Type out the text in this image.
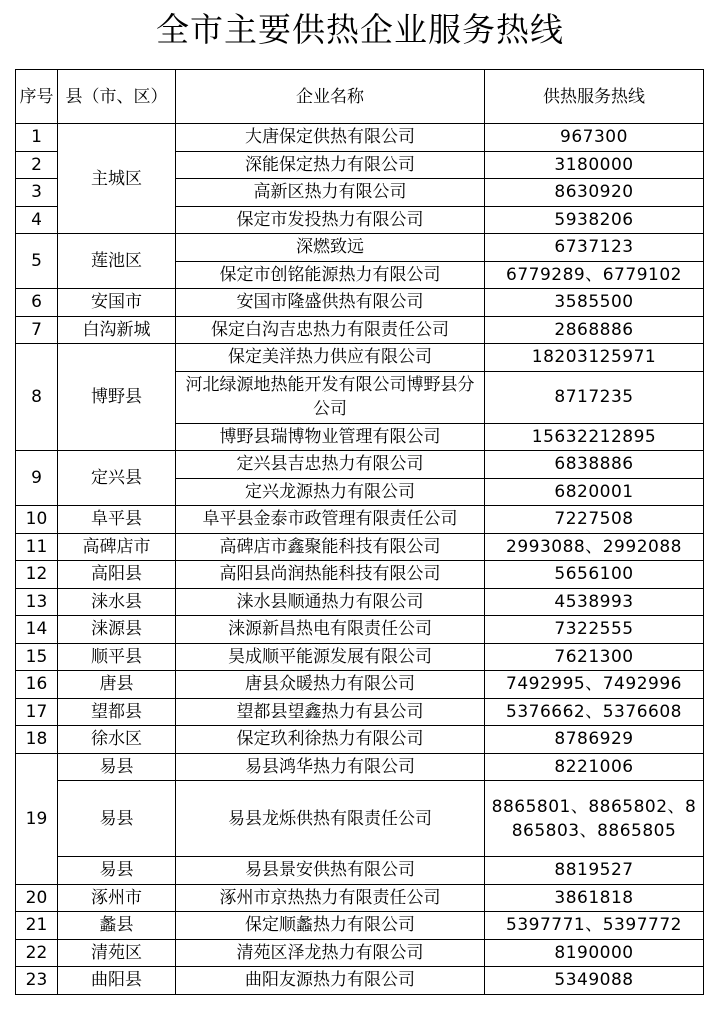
全市主要供热企业服务热线
序号	县（市、区）	企业名称	供热服务热线
1	主城区	大唐保定供热有限公司	967300
2		深能保定热力有限公司	3180000
3		高新区热力有限公司	8630920
4		保定市发投热力有限公司	5938206
5	莲池区	深燃致远	6737123
		保定市创铭能源热力有限公司	6779289、6779102
6	安国市	安国市隆盛供热有限公司	3585500
7	白沟新城	保定白沟吉忠热力有限责任公司	2868886
8	博野县	保定美洋热力供应有限公司	18203125971
		河北绿源地热能开发有限公司博野县分公司	8717235
		博野县瑞博物业管理有限公司	15632212895
9	定兴县	定兴县吉忠热力有限公司	6838886
		定兴龙源热力有限公司	6820001
10	阜平县	阜平县金泰市政管理有限责任公司	7227508
11	高碑店市	高碑店市鑫聚能科技有限公司	2993088、2992088
12	高阳县	高阳县尚润热能科技有限公司	5656100
13	涞水县	涞水县顺通热力有限公司	4538993
14	涞源县	涞源新昌热电有限责任公司	7322555
15	顺平县	昊成顺平能源发展有限公司	7621300
16	唐县	唐县众暖热力有限公司	7492995、7492996
17	望都县	望都县望鑫热力有县公司	5376662、5376608
18	徐水区	保定玖利徐热力有限公司	8786929
19	易县	易县鸿华热力有限公司	8221006
	易县	易县龙烁供热有限责任公司	8865801、8865802、8865803、8865805
	易县	易县景安供热有限公司	8819527
20	涿州市	涿州市京热热力有限责任公司	3861818
21	蠡县	保定顺蠡热力有限公司	5397771、5397772
22	清苑区	清苑区泽龙热力有限公司	8190000
23	曲阳县	曲阳友源热力有限公司	5349088
